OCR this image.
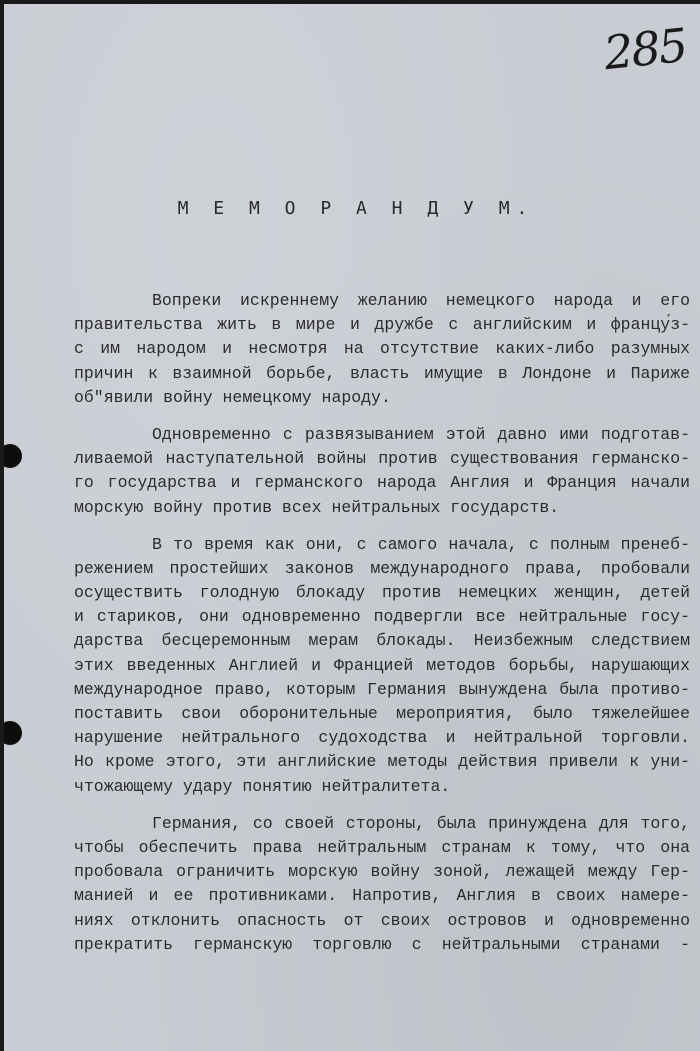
285
М Е М О Р А Н Д У М.
Вопреки искреннему желанию немецкого народа и его
правительства жить в мире и дружбе с английским и францу́з-
с им народом и несмотря на отсутствие каких-либо разумных
причин к взаимной борьбе, власть имущие в Лондоне и Париже
об"явили войну немецкому народу.
Одновременно с развязыванием этой давно ими подготав-
ливаемой наступательной войны против существования германско-
го государства и германского народа Англия и Франция начали
морскую войну против всех нейтральных государств.
В то время как они, с самого начала, с полным пренеб-
режением простейших законов международного права, пробовали
осуществить голодную блокаду против немецких женщин, детей
и стариков, они одновременно подвергли все нейтральные госу-
дарства бесцеремонным мерам блокады. Неизбежным следствием
этих введенных Англией и Францией методов борьбы, нарушающих
международное право, которым Германия вынуждена была противо-
поставить свои оборонительные мероприятия, было тяжелейшее
нарушение нейтрального судоходства и нейтральной торговли.
Но кроме этого, эти английские методы действия привели к уни-
чтожающему удару понятию нейтралитета.
Германия, со своей стороны, была принуждена для того,
чтобы обеспечить права нейтральным странам к тому, что она
пробовала ограничить морскую войну зоной, лежащей между Гер-
манией и ее противниками. Напротив, Англия в своих намере-
ниях отклонить опасность от своих островов и одновременно
прекратить германскую торговлю с нейтральными странами -
